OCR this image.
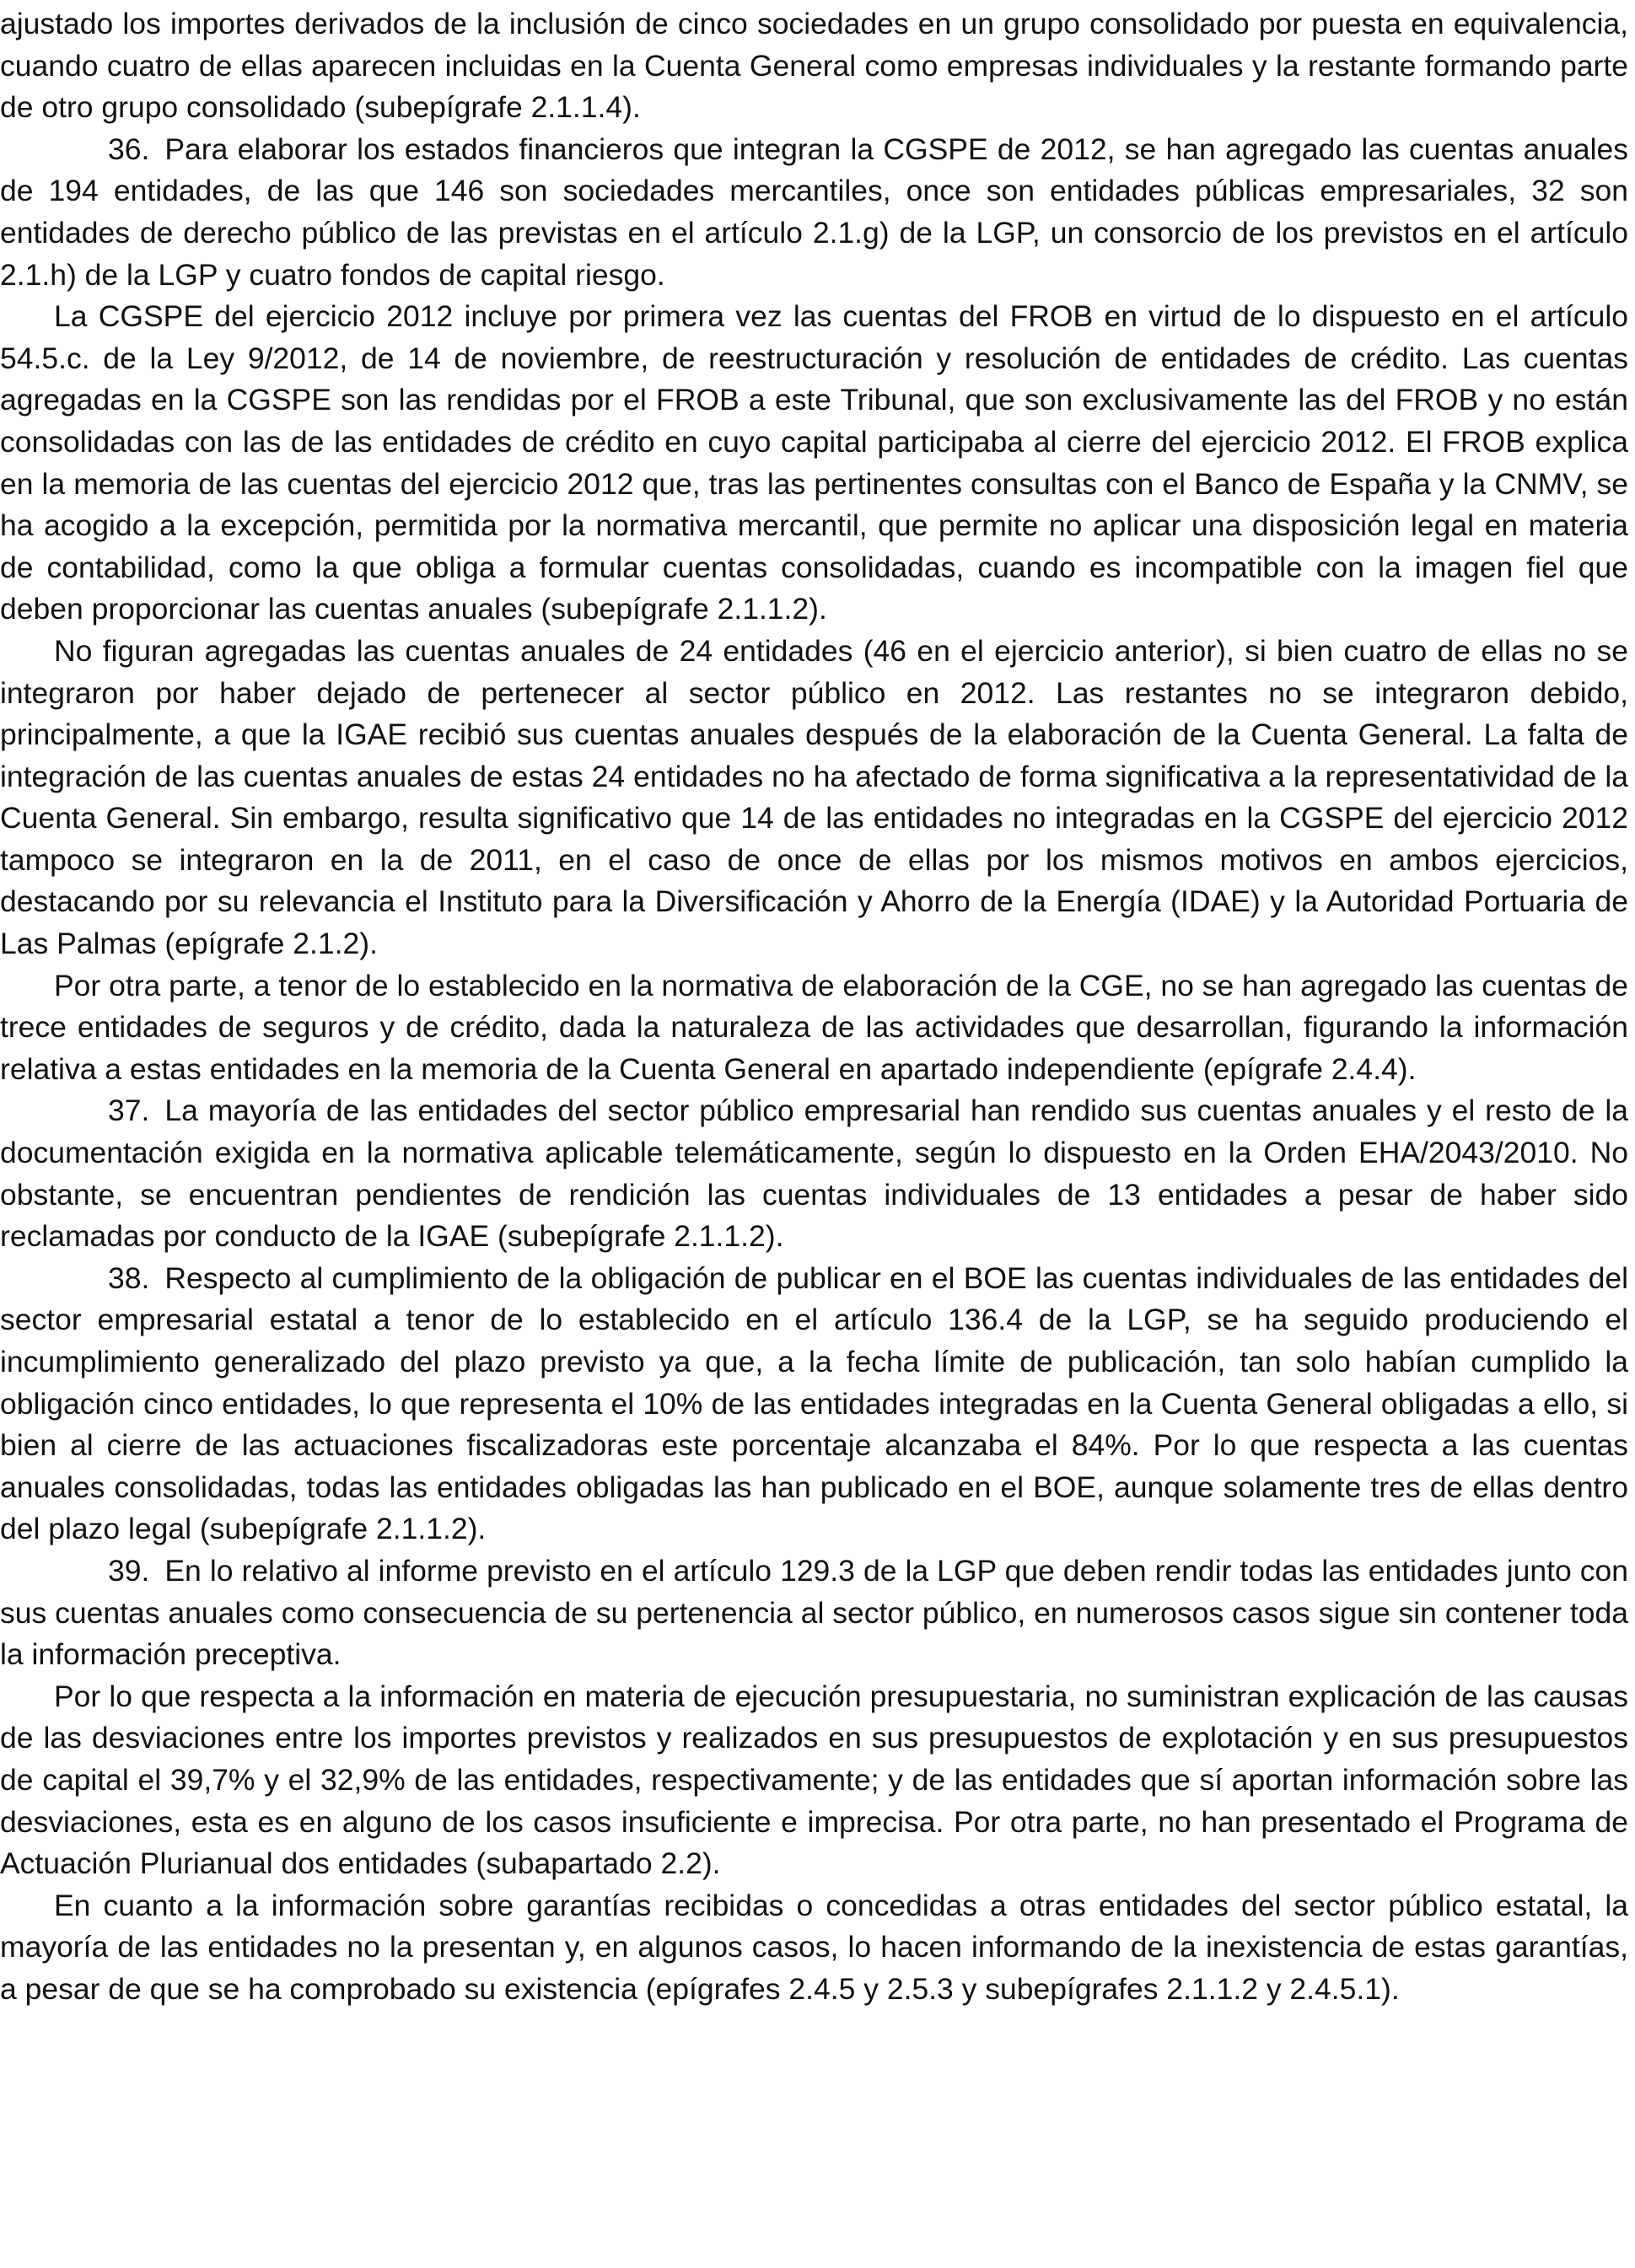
ajustado los importes derivados de la inclusión de cinco sociedades en un grupo consolidado por puesta en equivalencia, cuando cuatro de ellas aparecen incluidas en la Cuenta General como empresas individuales y la restante formando parte de otro grupo consolidado (subepígrafe 2.1.1.4).

36. Para elaborar los estados financieros que integran la CGSPE de 2012, se han agregado las cuentas anuales de 194 entidades, de las que 146 son sociedades mercantiles, once son entidades públicas empresariales, 32 son entidades de derecho público de las previstas en el artículo 2.1.g) de la LGP, un consorcio de los previstos en el artículo 2.1.h) de la LGP y cuatro fondos de capital riesgo.

La CGSPE del ejercicio 2012 incluye por primera vez las cuentas del FROB en virtud de lo dispuesto en el artículo 54.5.c. de la Ley 9/2012, de 14 de noviembre, de reestructuración y resolución de entidades de crédito. Las cuentas agregadas en la CGSPE son las rendidas por el FROB a este Tribunal, que son exclusivamente las del FROB y no están consolidadas con las de las entidades de crédito en cuyo capital participaba al cierre del ejercicio 2012. El FROB explica en la memoria de las cuentas del ejercicio 2012 que, tras las pertinentes consultas con el Banco de España y la CNMV, se ha acogido a la excepción, permitida por la normativa mercantil, que permite no aplicar una disposición legal en materia de contabilidad, como la que obliga a formular cuentas consolidadas, cuando es incompatible con la imagen fiel que deben proporcionar las cuentas anuales (subepígrafe 2.1.1.2).

No figuran agregadas las cuentas anuales de 24 entidades (46 en el ejercicio anterior), si bien cuatro de ellas no se integraron por haber dejado de pertenecer al sector público en 2012. Las restantes no se integraron debido, principalmente, a que la IGAE recibió sus cuentas anuales después de la elaboración de la Cuenta General. La falta de integración de las cuentas anuales de estas 24 entidades no ha afectado de forma significativa a la representatividad de la Cuenta General. Sin embargo, resulta significativo que 14 de las entidades no integradas en la CGSPE del ejercicio 2012 tampoco se integraron en la de 2011, en el caso de once de ellas por los mismos motivos en ambos ejercicios, destacando por su relevancia el Instituto para la Diversificación y Ahorro de la Energía (IDAE) y la Autoridad Portuaria de Las Palmas (epígrafe 2.1.2).

Por otra parte, a tenor de lo establecido en la normativa de elaboración de la CGE, no se han agregado las cuentas de trece entidades de seguros y de crédito, dada la naturaleza de las actividades que desarrollan, figurando la información relativa a estas entidades en la memoria de la Cuenta General en apartado independiente (epígrafe 2.4.4).

37. La mayoría de las entidades del sector público empresarial han rendido sus cuentas anuales y el resto de la documentación exigida en la normativa aplicable telemáticamente, según lo dispuesto en la Orden EHA/2043/2010. No obstante, se encuentran pendientes de rendición las cuentas individuales de 13 entidades a pesar de haber sido reclamadas por conducto de la IGAE (subepígrafe 2.1.1.2).

38. Respecto al cumplimiento de la obligación de publicar en el BOE las cuentas individuales de las entidades del sector empresarial estatal a tenor de lo establecido en el artículo 136.4 de la LGP, se ha seguido produciendo el incumplimiento generalizado del plazo previsto ya que, a la fecha límite de publicación, tan solo habían cumplido la obligación cinco entidades, lo que representa el 10% de las entidades integradas en la Cuenta General obligadas a ello, si bien al cierre de las actuaciones fiscalizadoras este porcentaje alcanzaba el 84%. Por lo que respecta a las cuentas anuales consolidadas, todas las entidades obligadas las han publicado en el BOE, aunque solamente tres de ellas dentro del plazo legal (subepígrafe 2.1.1.2).

39. En lo relativo al informe previsto en el artículo 129.3 de la LGP que deben rendir todas las entidades junto con sus cuentas anuales como consecuencia de su pertenencia al sector público, en numerosos casos sigue sin contener toda la información preceptiva.

Por lo que respecta a la información en materia de ejecución presupuestaria, no suministran explicación de las causas de las desviaciones entre los importes previstos y realizados en sus presupuestos de explotación y en sus presupuestos de capital el 39,7% y el 32,9% de las entidades, respectivamente; y de las entidades que sí aportan información sobre las desviaciones, esta es en alguno de los casos insuficiente e imprecisa. Por otra parte, no han presentado el Programa de Actuación Plurianual dos entidades (subapartado 2.2).

En cuanto a la información sobre garantías recibidas o concedidas a otras entidades del sector público estatal, la mayoría de las entidades no la presentan y, en algunos casos, lo hacen informando de la inexistencia de estas garantías, a pesar de que se ha comprobado su existencia (epígrafes 2.4.5 y 2.5.3 y subepígrafes 2.1.1.2 y 2.4.5.1).
